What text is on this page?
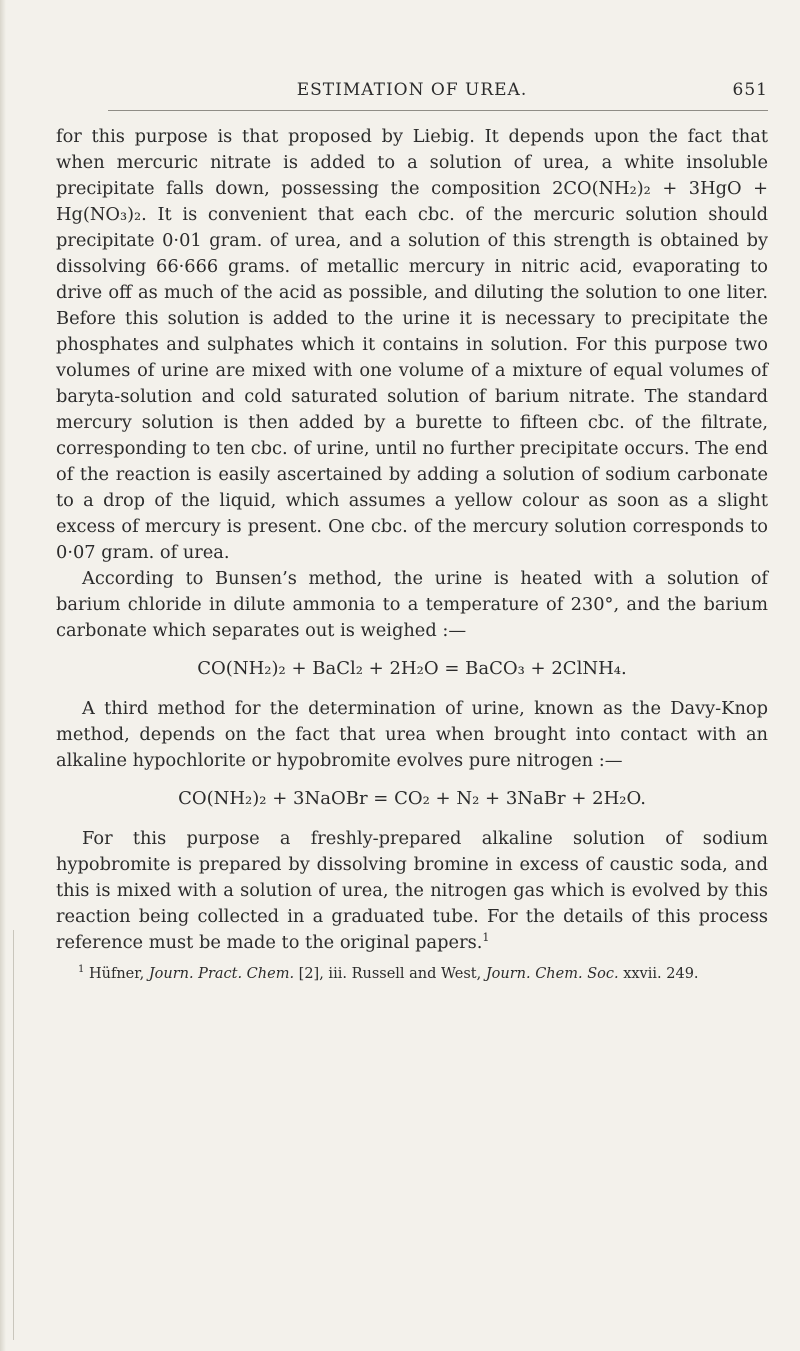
ESTIMATION OF UREA.	651

for this purpose is that proposed by Liebig. It depends upon the fact that when mercuric nitrate is added to a solution of urea, a white insoluble precipitate falls down, possessing the composition 2CO(NH₂)₂ + 3HgO + Hg(NO₃)₂. It is convenient that each cbc. of the mercuric solution should precipitate 0·01 gram. of urea, and a solution of this strength is obtained by dissolving 66·666 grams. of metallic mercury in nitric acid, evaporating to drive off as much of the acid as possible, and diluting the solution to one liter. Before this solution is added to the urine it is necessary to precipitate the phosphates and sulphates which it contains in solution. For this purpose two volumes of urine are mixed with one volume of a mixture of equal volumes of baryta-solution and cold saturated solution of barium nitrate. The standard mercury solution is then added by a burette to fifteen cbc. of the filtrate, corresponding to ten cbc. of urine, until no further precipitate occurs. The end of the reaction is easily ascertained by adding a solution of sodium carbonate to a drop of the liquid, which assumes a yellow colour as soon as a slight excess of mercury is present. One cbc. of the mercury solution corresponds to 0·07 gram. of urea.

According to Bunsen’s method, the urine is heated with a solution of barium chloride in dilute ammonia to a temperature of 230°, and the barium carbonate which separates out is weighed :—

CO(NH₂)₂ + BaCl₂ + 2H₂O = BaCO₃ + 2ClNH₄.

A third method for the determination of urine, known as the Davy-Knop method, depends on the fact that urea when brought into contact with an alkaline hypochlorite or hypobromite evolves pure nitrogen :—

CO(NH₂)₂ + 3NaOBr = CO₂ + N₂ + 3NaBr + 2H₂O.

For this purpose a freshly-prepared alkaline solution of sodium hypobromite is prepared by dissolving bromine in excess of caustic soda, and this is mixed with a solution of urea, the nitrogen gas which is evolved by this reaction being collected in a graduated tube. For the details of this process reference must be made to the original papers.$^1$

$^1$ Hüfner, Journ. Pract. Chem. [2], iii. Russell and West, Journ. Chem. Soc. xxvii. 249.
